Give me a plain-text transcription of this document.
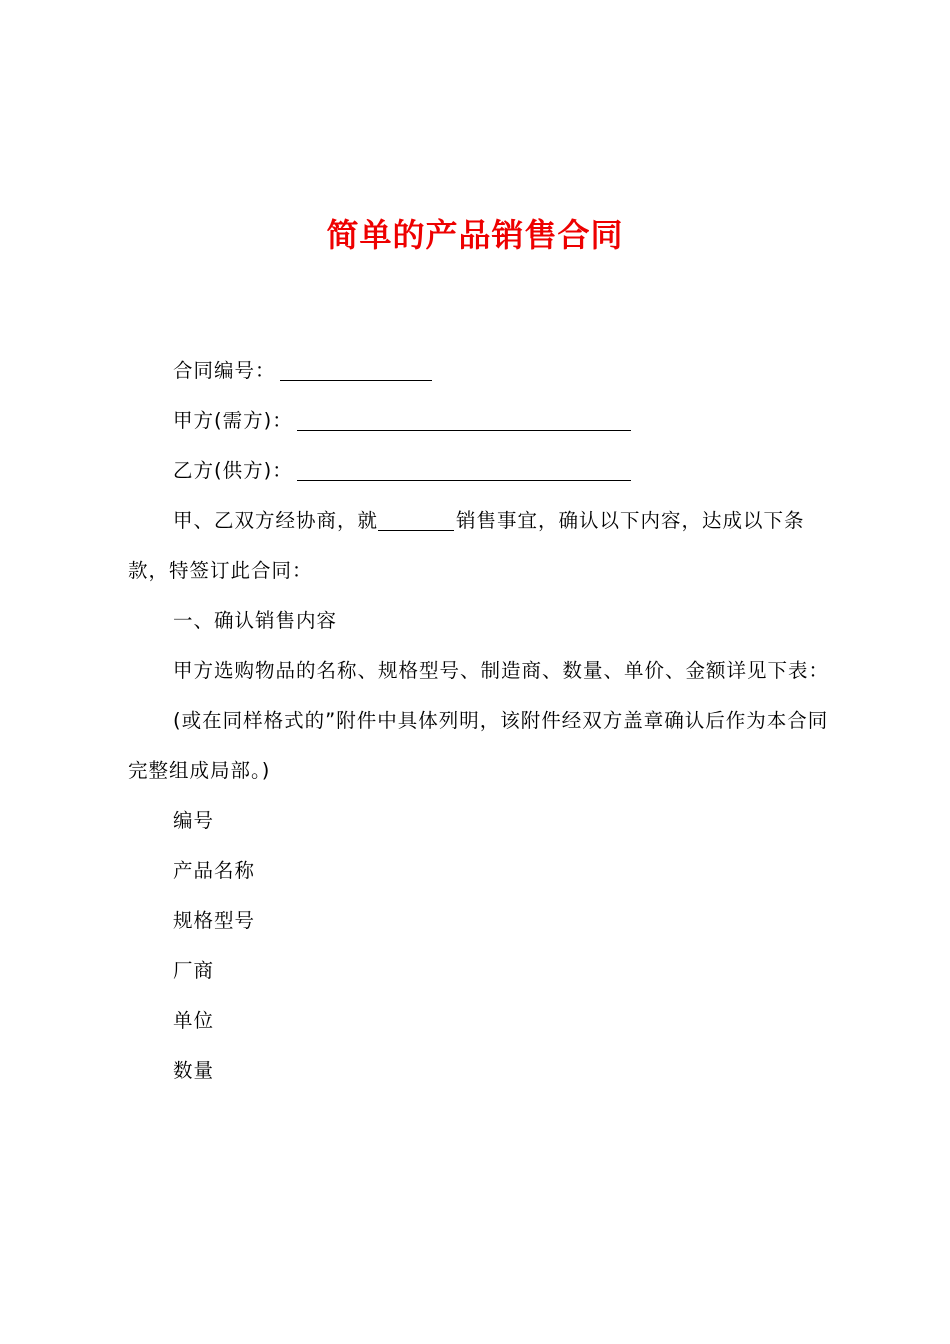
简单的产品销售合同

合同编号：

甲方(需方)：

乙方(供方)：

甲、乙双方经协商，就	销售事宜，确认以下内容，达成以下条款，特签订此合同：

一、确认销售内容

甲方选购物品的名称、规格型号、制造商、数量、单价、金额详见下表：

(或在同样格式的”附件中具体列明，该附件经双方盖章确认后作为本合同完整组成局部。)

编号

产品名称

规格型号

厂商

单位

数量
